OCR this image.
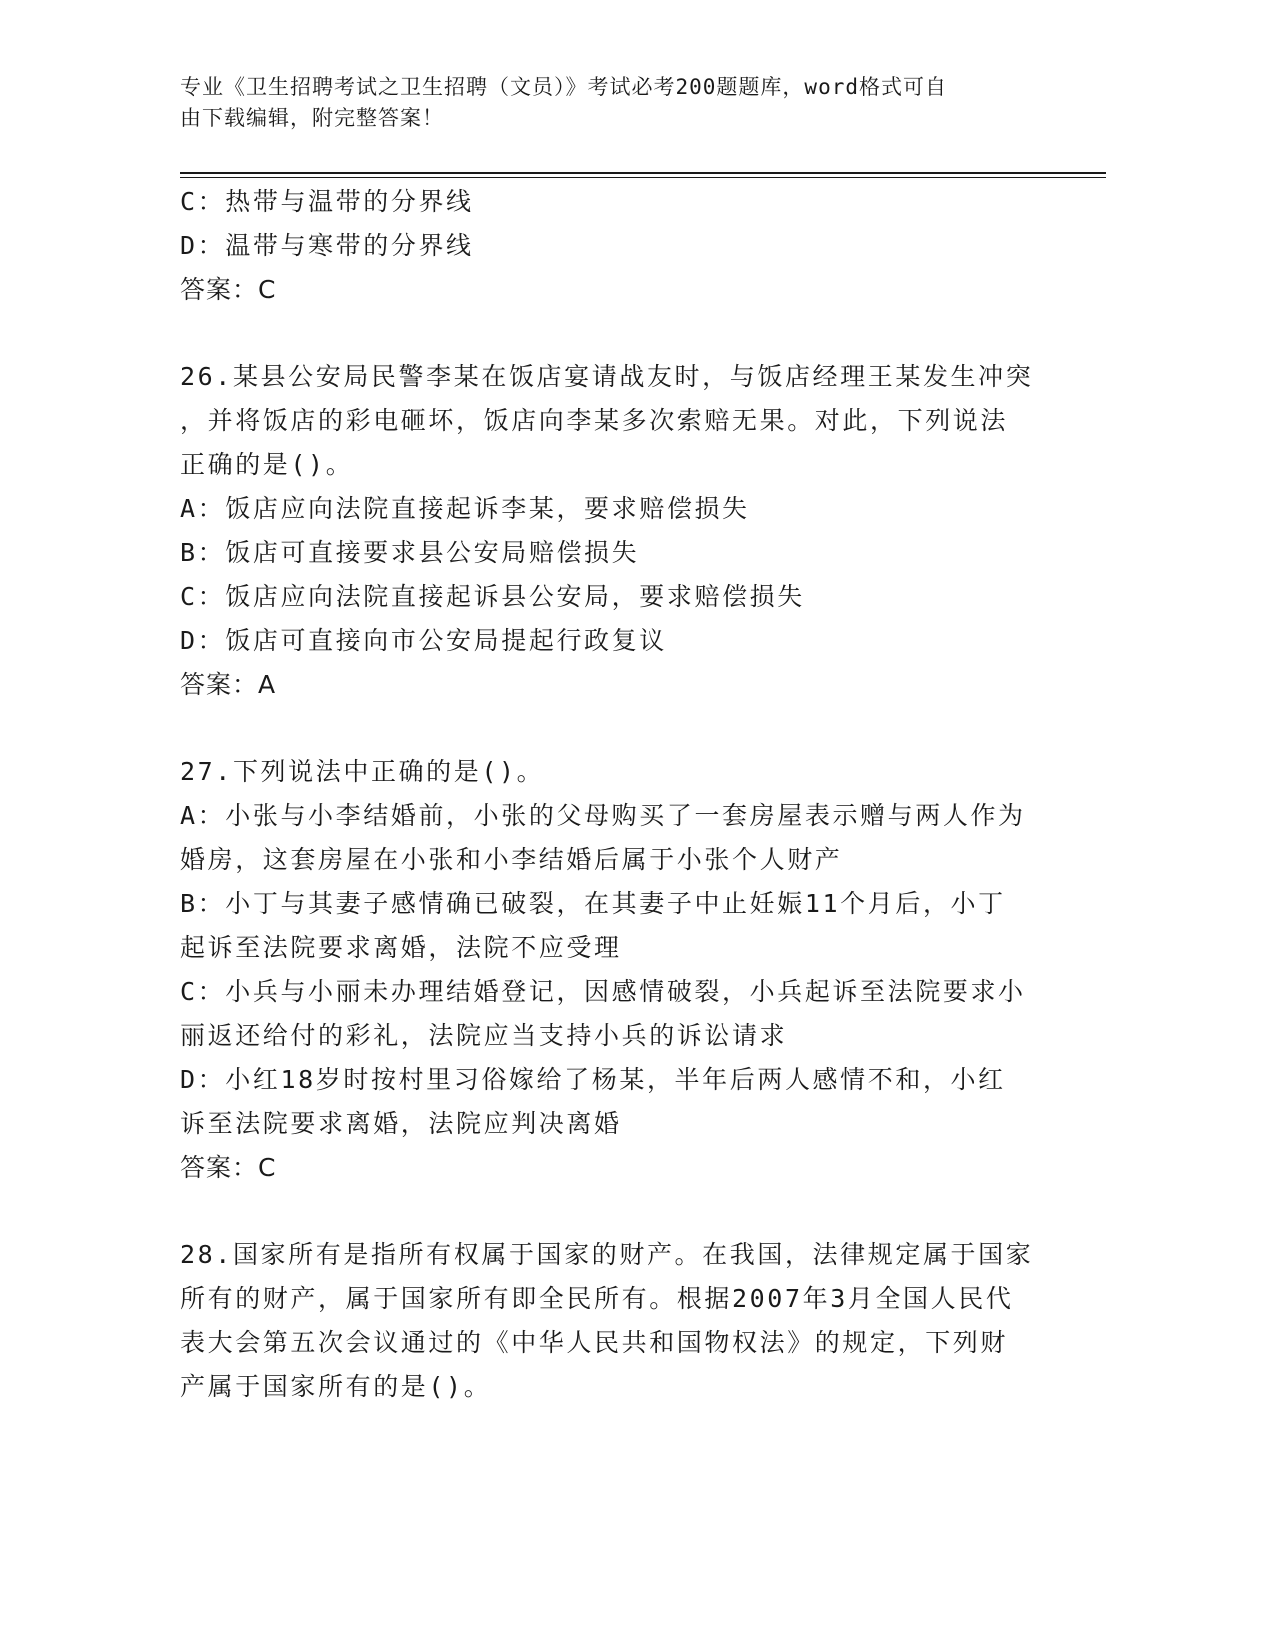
专业《卫生招聘考试之卫生招聘（文员）》考试必考200题题库，word格式可自
由下载编辑，附完整答案！
C：热带与温带的分界线
D：温带与寒带的分界线
答案：C
26.某县公安局民警李某在饭店宴请战友时，与饭店经理王某发生冲突
，并将饭店的彩电砸坏，饭店向李某多次索赔无果。对此，下列说法
正确的是()。
A：饭店应向法院直接起诉李某，要求赔偿损失
B：饭店可直接要求县公安局赔偿损失
C：饭店应向法院直接起诉县公安局，要求赔偿损失
D：饭店可直接向市公安局提起行政复议
答案：A
27.下列说法中正确的是()。
A：小张与小李结婚前，小张的父母购买了一套房屋表示赠与两人作为
婚房，这套房屋在小张和小李结婚后属于小张个人财产
B：小丁与其妻子感情确已破裂，在其妻子中止妊娠11个月后，小丁
起诉至法院要求离婚，法院不应受理
C：小兵与小丽未办理结婚登记，因感情破裂，小兵起诉至法院要求小
丽返还给付的彩礼，法院应当支持小兵的诉讼请求
D：小红18岁时按村里习俗嫁给了杨某，半年后两人感情不和，小红
诉至法院要求离婚，法院应判决离婚
答案：C
28.国家所有是指所有权属于国家的财产。在我国，法律规定属于国家
所有的财产，属于国家所有即全民所有。根据2007年3月全国人民代
表大会第五次会议通过的《中华人民共和国物权法》的规定，下列财
产属于国家所有的是()。
